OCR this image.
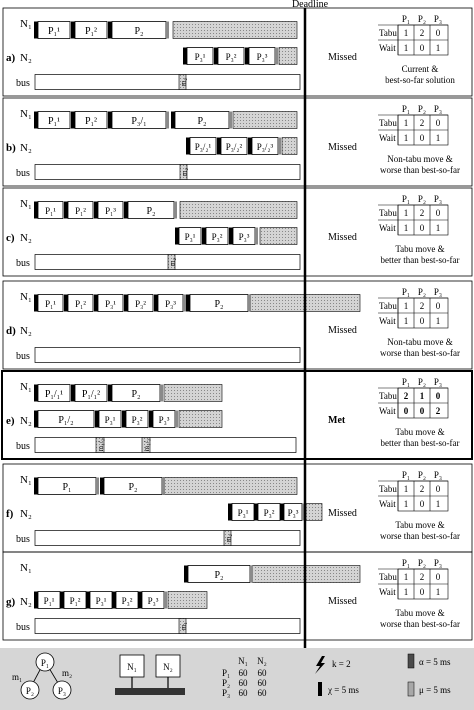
N₁
a) N₂
bus
P₁¹ P₁²	P₂
P₃¹ P₃² P₃³
m₂
Missed
P₁ P₂ P₃
Tabu 1 2 0
Wait 1 0 1
Current &
best-so-far solution
N₁
b) N₂
bus
P₁¹ P₁²	P₃/₁	P₂
P₃/₂¹ P₃/₂² P₃/₂³
m₂
Missed
P₁ P₂ P₃
Tabu 1 2 0
Wait 1 0 1
Non-tabu move &
worse than best-so-far
N₁
c) N₂
bus
P₁¹ P₁² P₁³	P₂
P₃¹ P₃² P₃³
m₂
Missed
P₁ P₂ P₃
Tabu 1 2 0
Wait 1 0 1
Tabu move &
better than best-so-far
N₁
d) N₂
bus
P₁¹ P₁² P₃¹ P₃² P₃³	P₂
Missed
P₁ P₂ P₃
Tabu 1 2 0
Wait 1 0 1
Non-tabu move &
worse than best-so-far
N₁
e) N₂
bus
P₁/₁¹ P₁/₁²	P₂
P₁/₂	P₃¹ P₃² P₃³
m₁/₂	m₁/₂
Met
P₁ P₂ P₃
Tabu 2 1 0
Wait 0 0 2
Tabu move &
better than best-so-far
N₁
f) N₂
bus
P₁	P₂
P₃¹ P₃² P₃³
m₂
Missed
P₁ P₂ P₃
Tabu 1 2 0
Wait 1 0 1
Tabu move &
worse than best-so-far
N₁
g) N₂
bus
P₂
P₁¹ P₁² P₃¹ P₃² P₃³
m₁
Missed
P₁ P₂ P₃
Tabu 1 2 0
Wait 1 0 1
Tabu move &
worse than best-so-far
P₁
P₂	P₃
m₁	m₂
N₁	N₂
N₁ N₂
P₁ 60 60
P₂ 60 60
P₃ 60 60
k = 2
χ = 5 ms
α = 5 ms
μ = 5 ms
Deadline
